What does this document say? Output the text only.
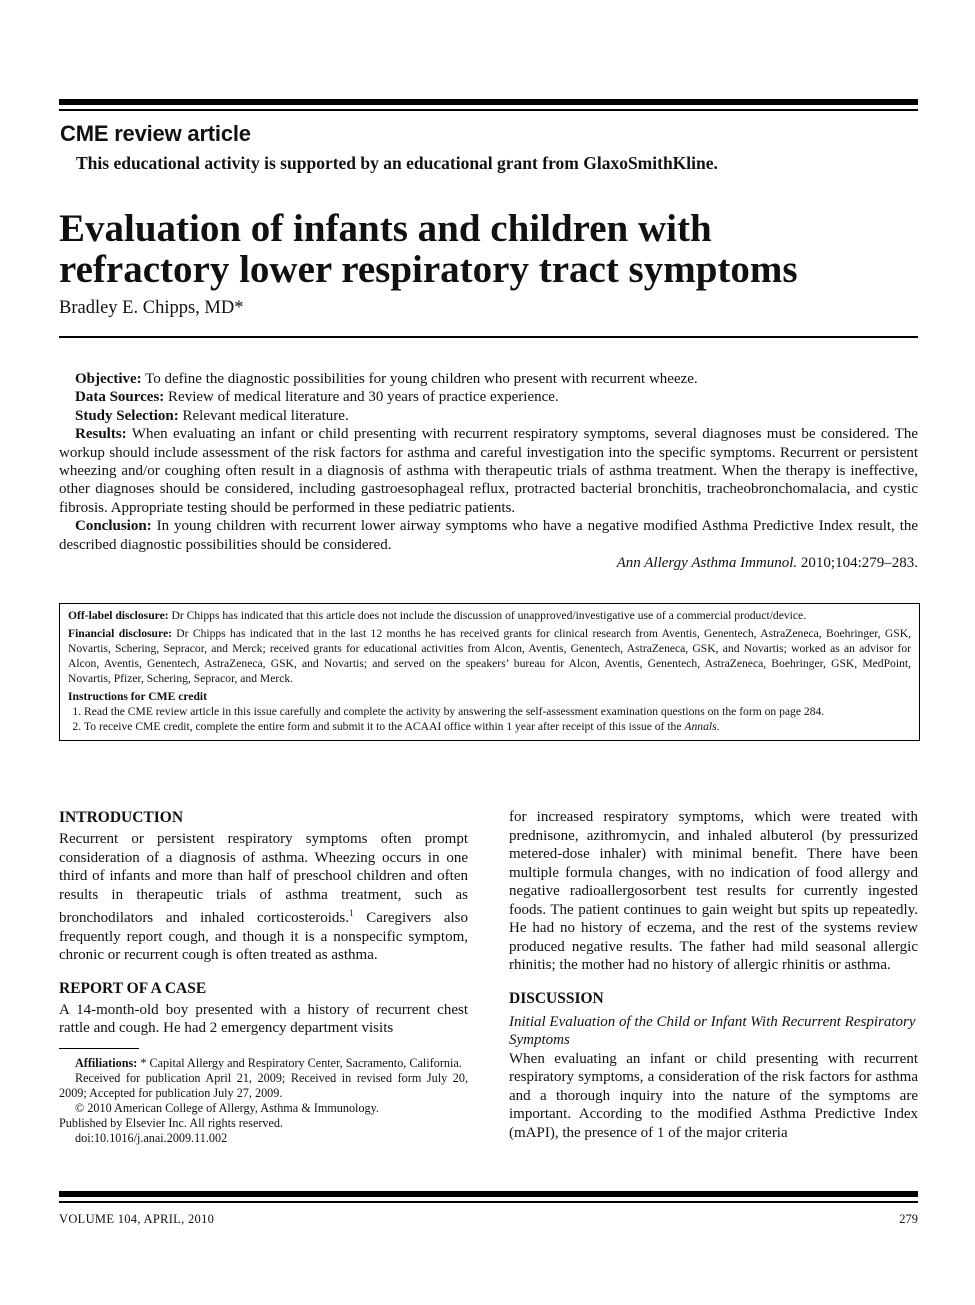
CME review article
This educational activity is supported by an educational grant from GlaxoSmithKline.
Evaluation of infants and children with
refractory lower respiratory tract symptoms
Bradley E. Chipps, MD*

Objective: To define the diagnostic possibilities for young children who present with recurrent wheeze.

Data Sources: Review of medical literature and 30 years of practice experience.

Study Selection: Relevant medical literature.

Results: When evaluating an infant or child presenting with recurrent respiratory symptoms, several diagnoses must be considered. The workup should include assessment of the risk factors for asthma and careful investigation into the specific symptoms. Recurrent or persistent wheezing and/or coughing often result in a diagnosis of asthma with therapeutic trials of asthma treatment. When the therapy is ineffective, other diagnoses should be considered, including gastroesophageal reflux, protracted bacterial bronchitis, tracheobronchomalacia, and cystic fibrosis. Appropriate testing should be performed in these pediatric patients.

Conclusion: In young children with recurrent lower airway symptoms who have a negative modified Asthma Predictive Index result, the described diagnostic possibilities should be considered.

Ann Allergy Asthma Immunol. 2010;104:279–283.

Off-label disclosure: Dr Chipps has indicated that this article does not include the discussion of unapproved/investigative use of a commercial product/device.

Financial disclosure: Dr Chipps has indicated that in the last 12 months he has received grants for clinical research from Aventis, Genentech, AstraZeneca, Boehringer, GSK, Novartis, Schering, Sepracor, and Merck; received grants for educational activities from Alcon, Aventis, Genentech, AstraZeneca, GSK, and Novartis; worked as an advisor for Alcon, Aventis, Genentech, AstraZeneca, GSK, and Novartis; and served on the speakers’ bureau for Alcon, Aventis, Genentech, AstraZeneca, Boehringer, GSK, MedPoint, Novartis, Pfizer, Schering, Sepracor, and Merck.

Instructions for CME credit

1. Read the CME review article in this issue carefully and complete the activity by answering the self-assessment examination questions on the form on page 284.
2. To receive CME credit, complete the entire form and submit it to the ACAAI office within 1 year after receipt of this issue of the Annals.
INTRODUCTION

Recurrent or persistent respiratory symptoms often prompt consideration of a diagnosis of asthma. Wheezing occurs in one third of infants and more than half of preschool children and often results in therapeutic trials of asthma treatment, such as bronchodilators and inhaled corticosteroids.$^1$ Caregivers also frequently report cough, and though it is a nonspecific symptom, chronic or recurrent cough is often treated as asthma.

REPORT OF A CASE

A 14-month-old boy presented with a history of recurrent chest rattle and cough. He had 2 emergency department visits

Affiliations: * Capital Allergy and Respiratory Center, Sacramento, California.

Received for publication April 21, 2009; Received in revised form July 20, 2009; Accepted for publication July 27, 2009.

© 2010 American College of Allergy, Asthma & Immunology.

Published by Elsevier Inc. All rights reserved.

doi:10.1016/j.anai.2009.11.002

for increased respiratory symptoms, which were treated with prednisone, azithromycin, and inhaled albuterol (by pressurized metered-dose inhaler) with minimal benefit. There have been multiple formula changes, with no indication of food allergy and negative radioallergosorbent test results for currently ingested foods. The patient continues to gain weight but spits up repeatedly. He had no history of eczema, and the rest of the systems review produced negative results. The father had mild seasonal allergic rhinitis; the mother had no history of allergic rhinitis or asthma.

DISCUSSION

Initial Evaluation of the Child or Infant With Recurrent Respiratory Symptoms

When evaluating an infant or child presenting with recurrent respiratory symptoms, a consideration of the risk factors for asthma and a thorough inquiry into the nature of the symptoms are important. According to the modified Asthma Predictive Index (mAPI), the presence of 1 of the major criteria

VOLUME 104, APRIL, 2010	279
